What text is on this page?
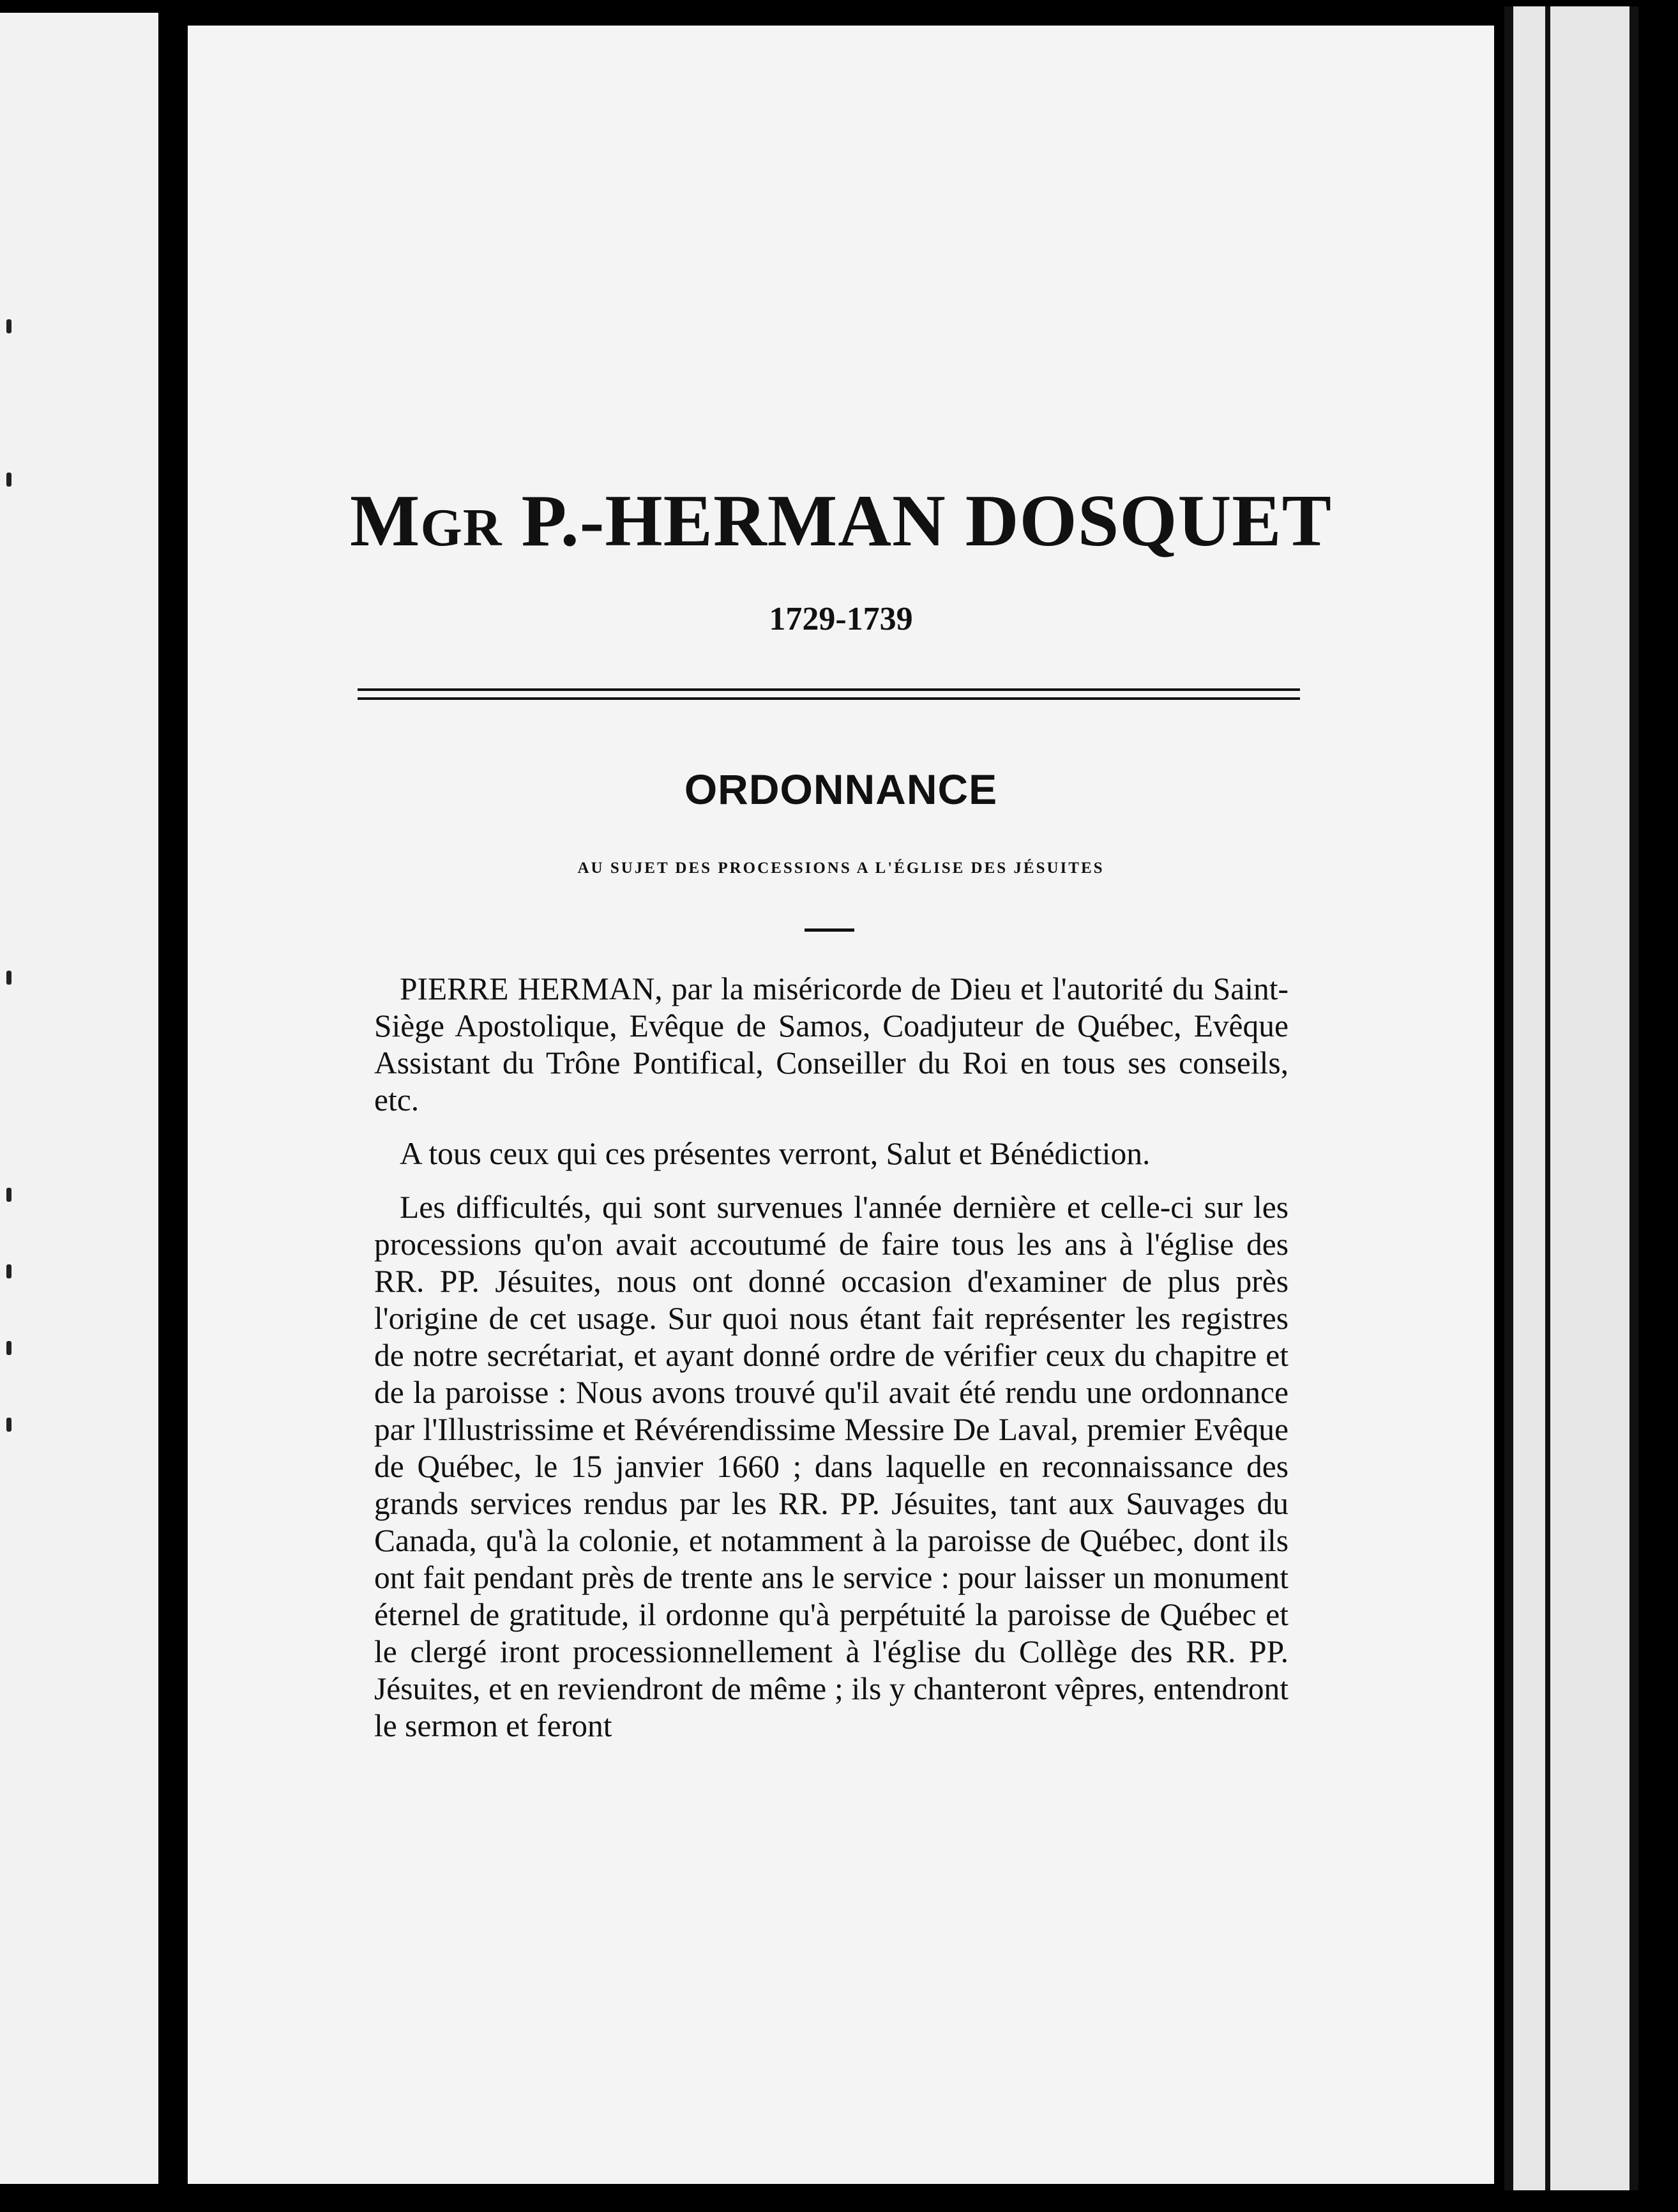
MGR P.-HERMAN DOSQUET
1729-1739
ORDONNANCE
AU SUJET DES PROCESSIONS A L'ÉGLISE DES JÉSUITES

PIERRE HERMAN, par la miséricorde de Dieu et l'autorité du Saint-Siège Apostolique, Evêque de Samos, Coadjuteur de Québec, Evêque Assistant du Trône Pontifical, Conseiller du Roi en tous ses conseils, etc.

A tous ceux qui ces présentes verront, Salut et Bénédiction.

Les difficultés, qui sont survenues l'année dernière et celle-ci sur les processions qu'on avait accoutumé de faire tous les ans à l'église des RR. PP. Jésuites, nous ont donné occasion d'examiner de plus près l'origine de cet usage. Sur quoi nous étant fait représenter les registres de notre secrétariat, et ayant donné ordre de vérifier ceux du chapitre et de la paroisse : Nous avons trouvé qu'il avait été rendu une ordonnance par l'Illustrissime et Révérendissime Messire De Laval, premier Evêque de Québec, le 15 janvier 1660 ; dans laquelle en reconnaissance des grands services rendus par les RR. PP. Jésuites, tant aux Sauvages du Canada, qu'à la colonie, et notamment à la paroisse de Québec, dont ils ont fait pendant près de trente ans le service : pour laisser un monument éternel de gratitude, il ordonne qu'à perpétuité la paroisse de Québec et le clergé iront processionnellement à l'église du Collège des RR. PP. Jésuites, et en reviendront de même ; ils y chanteront vêpres, entendront le sermon et feront
